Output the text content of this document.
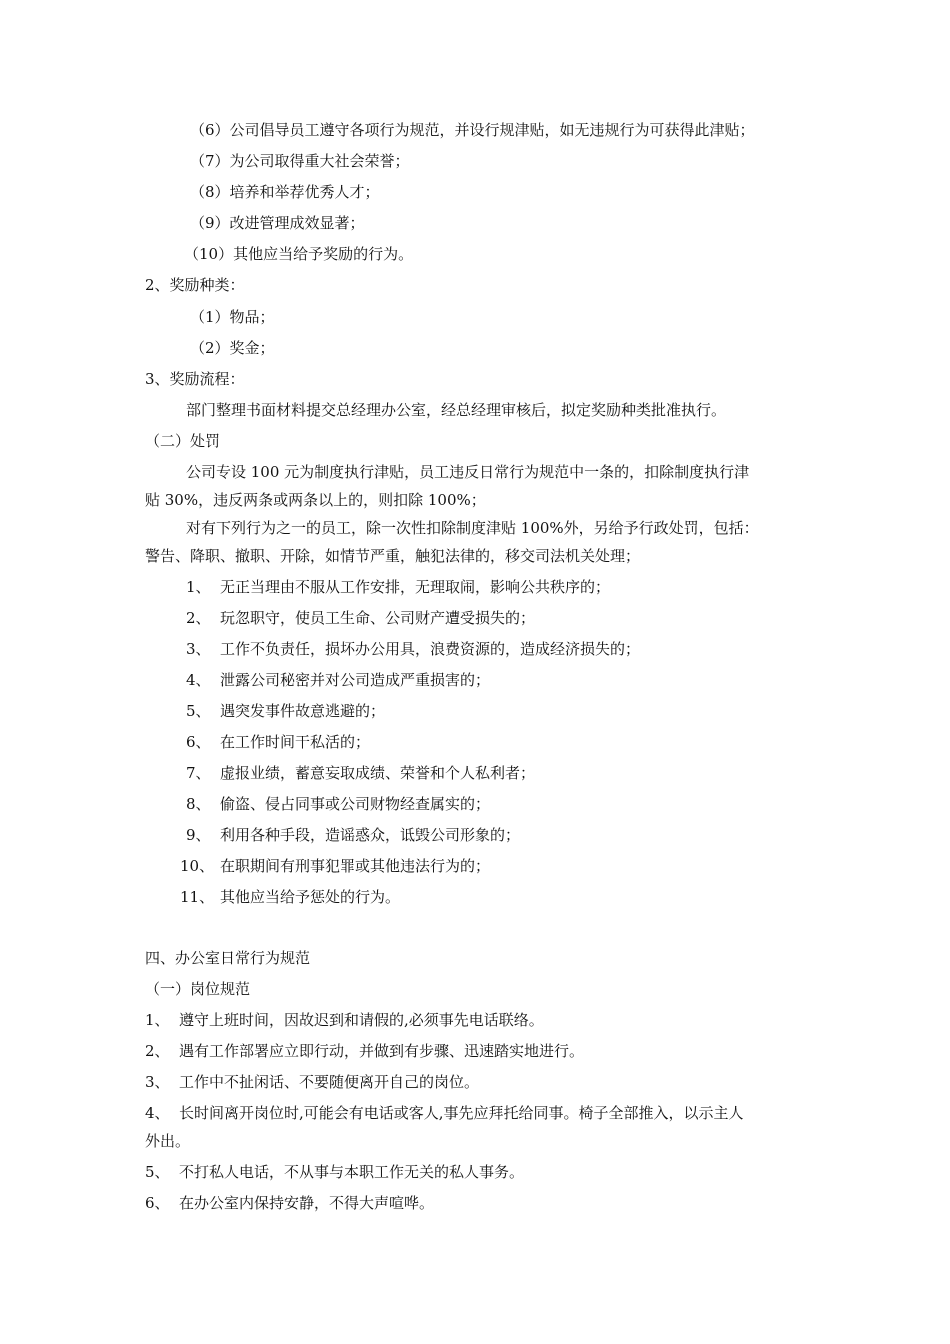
（6）公司倡导员工遵守各项行为规范，并设行规津贴，如无违规行为可获得此津贴；
（7）为公司取得重大社会荣誉；
（8）培养和举荐优秀人才；
（9）改进管理成效显著；
（10）其他应当给予奖励的行为。
2、奖励种类：
（1）物品；
（2）奖金；
3、奖励流程：
部门整理书面材料提交总经理办公室，经总经理审核后，拟定奖励种类批准执行。
（二）处罚
公司专设 100 元为制度执行津贴，员工违反日常行为规范中一条的，扣除制度执行津
贴 30%，违反两条或两条以上的，则扣除 100%；
对有下列行为之一的员工，除一次性扣除制度津贴 100%外，另给予行政处罚，包括：
警告、降职、撤职、开除，如情节严重，触犯法律的，移交司法机关处理；
1、 无正当理由不服从工作安排，无理取闹，影响公共秩序的；
2、 玩忽职守，使员工生命、公司财产遭受损失的；
3、 工作不负责任，损坏办公用具，浪费资源的，造成经济损失的；
4、 泄露公司秘密并对公司造成严重损害的；
5、 遇突发事件故意逃避的；
6、 在工作时间干私活的；
7、 虚报业绩，蓄意妄取成绩、荣誉和个人私利者；
8、 偷盗、侵占同事或公司财物经查属实的；
9、 利用各种手段，造谣惑众，诋毁公司形象的；
10、 在职期间有刑事犯罪或其他违法行为的；
11、 其他应当给予惩处的行为。
四、办公室日常行为规范
（一）岗位规范
1、 遵守上班时间，因故迟到和请假的,必须事先电话联络。
2、 遇有工作部署应立即行动，并做到有步骤、迅速踏实地进行。
3、 工作中不扯闲话、不要随便离开自己的岗位。
4、 长时间离开岗位时,可能会有电话或客人,事先应拜托给同事。椅子全部推入，以示主人
外出。
5、 不打私人电话，不从事与本职工作无关的私人事务。
6、 在办公室内保持安静，不得大声喧哗。
